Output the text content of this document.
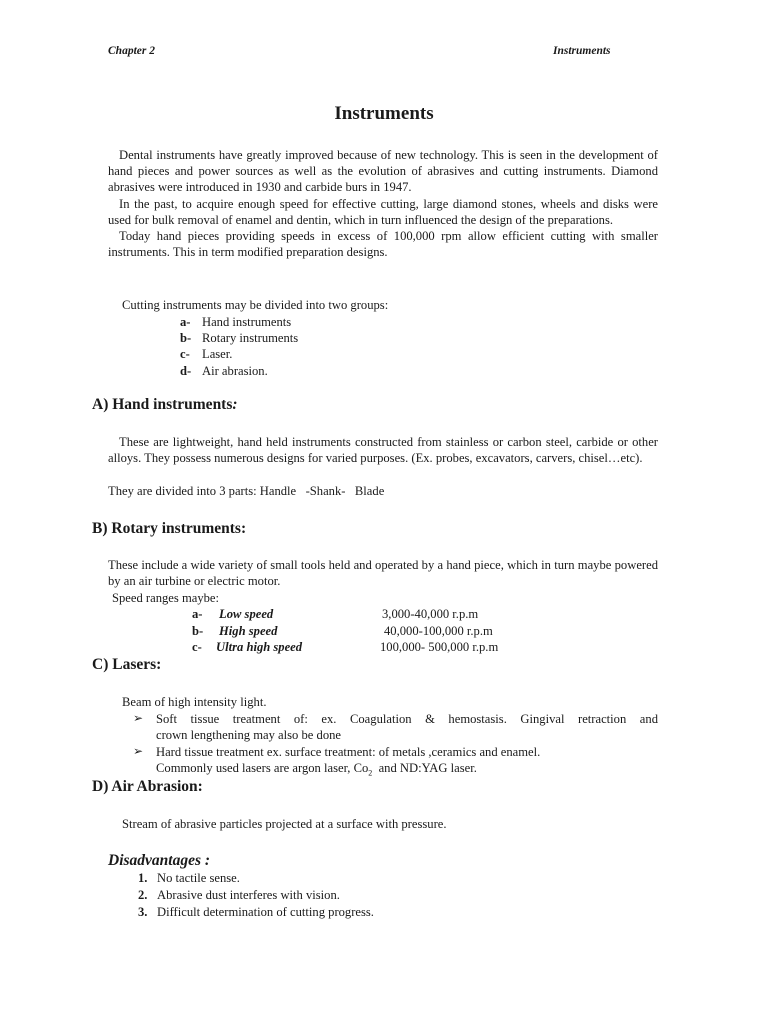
Chapter 2	Instruments
Instruments

Dental instruments have greatly improved because of new technology. This is seen in the development of hand pieces and power sources as well as the evolution of abrasives and cutting instruments. Diamond abrasives were introduced in 1930 and carbide burs in 1947.

In the past, to acquire enough speed for effective cutting, large diamond stones, wheels and disks were used for bulk removal of enamel and dentin, which in turn influenced the design of the preparations.

Today hand pieces providing speeds in excess of 100,000 rpm allow efficient cutting with smaller instruments. This in term modified preparation designs.

Cutting instruments may be divided into two groups:
a- Hand instruments
b- Rotary instruments
c- Laser.
d- Air abrasion.
A) Hand instruments:
These are lightweight, hand held instruments constructed from stainless or carbon steel, carbide or other alloys. They possess numerous designs for varied purposes. (Ex. probes, excavators, carvers, chisel…etc).
They are divided into 3 parts: Handle   -Shank-   Blade
B) Rotary instruments:
These include a wide variety of small tools held and operated by a hand piece, which in turn maybe powered by an air turbine or electric motor.
Speed ranges maybe:
a- Low speed	3,000-40,000 r.p.m
b- High speed	40,000-100,000 r.p.m
c- Ultra high speed	100,000- 500,000 r.p.m
C) Lasers:
Beam of high intensity light.
➢ Soft tissue treatment of: ex. Coagulation & hemostasis. Gingival retraction and
crown lengthening may also be done
➢ Hard tissue treatment ex. surface treatment: of metals ,ceramics and enamel.
Commonly used lasers are argon laser, $Co_2$  and ND:YAG laser.
D) Air Abrasion:
Stream of abrasive particles projected at a surface with pressure.
Disadvantages :
1. No tactile sense.
2. Abrasive dust interferes with vision.
3. Difficult determination of cutting progress.
